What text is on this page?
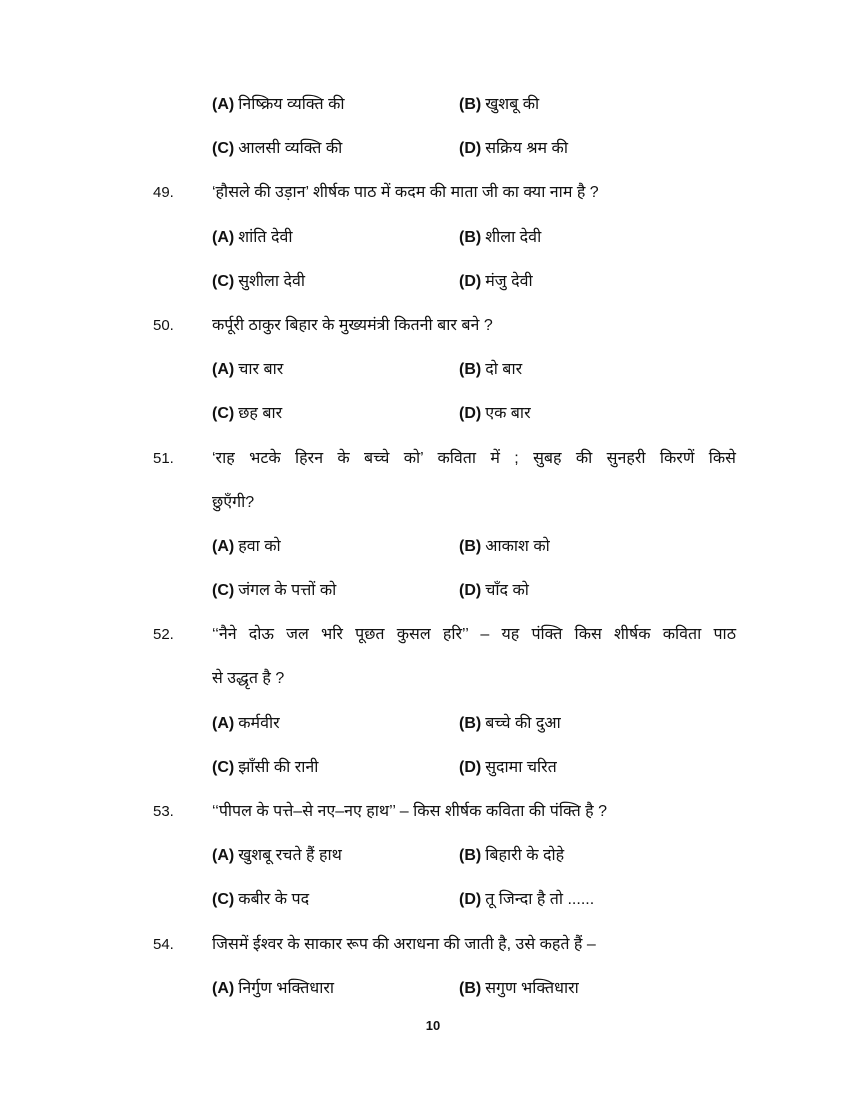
(A) निष्क्रिय व्यक्ति की	(B) खुशबू की
(C) आलसी व्यक्ति की	(D) सक्रिय श्रम की
49. ‘हौसले की उड़ान’ शीर्षक पाठ में कदम की माता जी का क्या नाम है ?
(A) शांति देवी	(B) शीला देवी
(C) सुशीला देवी	(D) मंजु देवी
50. कर्पूरी ठाकुर बिहार के मुख्यमंत्री कितनी बार बने ?
(A) चार बार	(B) दो बार
(C) छह बार	(D) एक बार
51. ‘राह भटके हिरन के बच्चे को’ कविता में ; सुबह की सुनहरी किरणें किसे
छुएँगी?
(A) हवा को	(B) आकाश को
(C) जंगल के पत्तों को	(D) चाँद को
52. ‘‘नैने दोऊ जल भरि पूछत कुसल हरि’’ – यह पंक्ति किस शीर्षक कविता पाठ
से उद्धृत है ?
(A) कर्मवीर	(B) बच्चे की दुआ
(C) झाँसी की रानी	(D) सुदामा चरित
53. ‘‘पीपल के पत्ते–से नए–नए हाथ’’ – किस शीर्षक कविता की पंक्ति है ?
(A) खुशबू रचते हैं हाथ	(B) बिहारी के दोहे
(C) कबीर के पद	(D) तू जिन्दा है तो ......
54. जिसमें ईश्वर के साकार रूप की अराधना की जाती है, उसे कहते हैं –
(A) निर्गुण भक्तिधारा	(B) सगुण भक्तिधारा
10
